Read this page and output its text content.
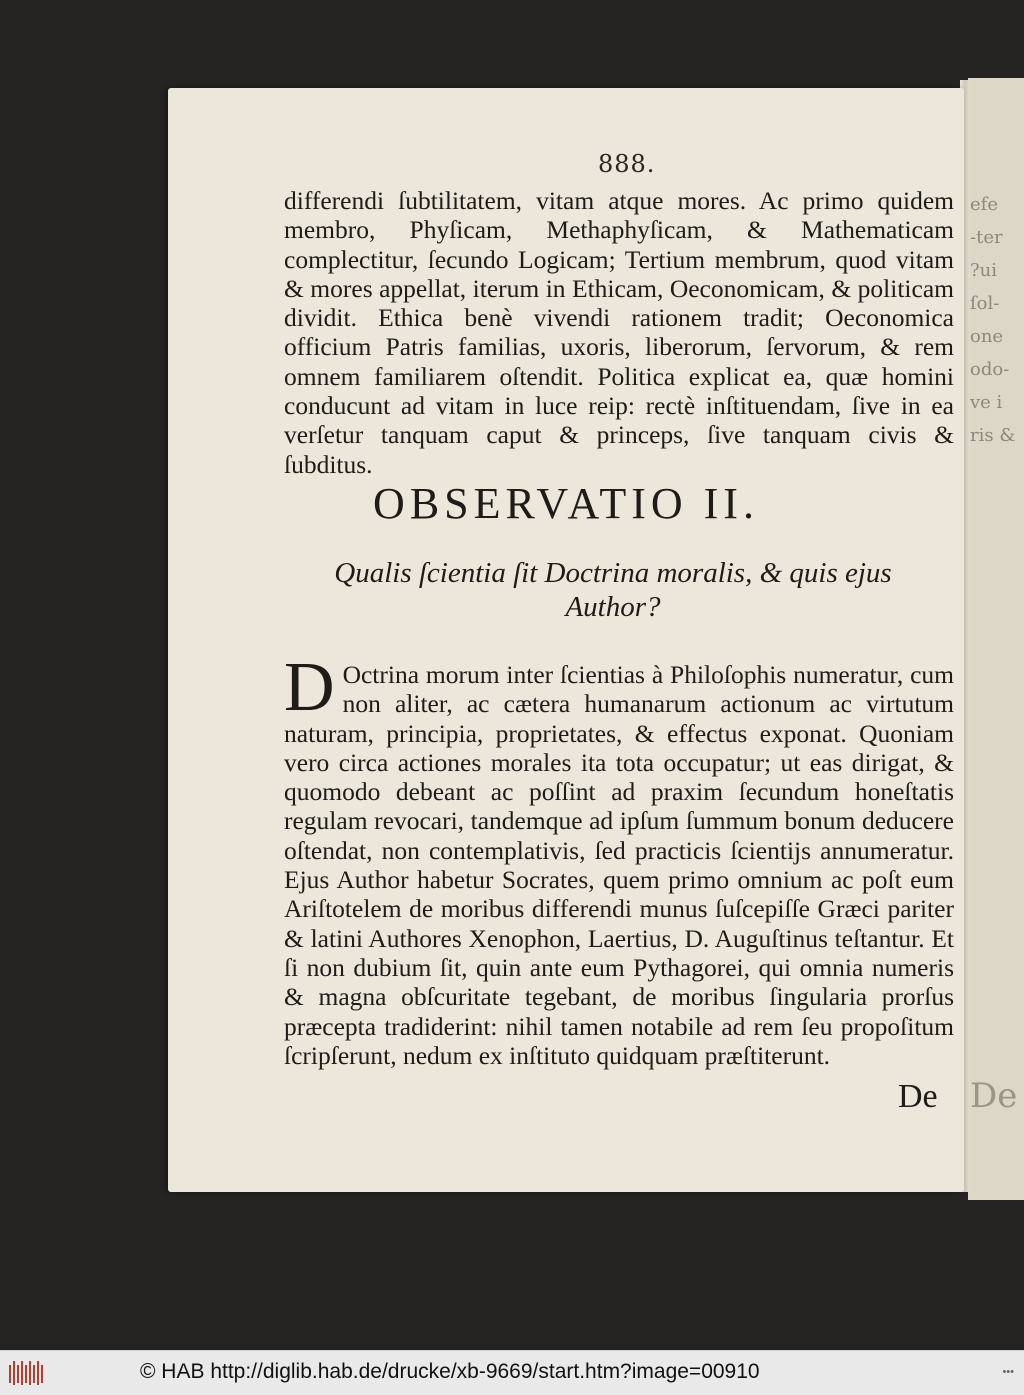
efe
-ter
?ui
ſol-
one
odo-
ve i
ris &
De
888.
differendi ſubtilitatem, vitam atque mores. Ac primo quidem membro, Phyſicam, Methaphyſicam, & Mathematicam complectitur, ſecundo Logicam; Tertium membrum, quod vitam & mores appellat, iterum in Ethicam, Oeconomicam, & politicam dividit. Ethica benè vivendi rationem tradit; Oeconomica officium Patris familias, uxoris, liberorum, ſervorum, & rem omnem familiarem oſtendit. Politica explicat ea, quæ homini conducunt ad vitam in luce reip: rectè inſtituendam, ſive in ea verſetur tanquam caput & princeps, ſive tanquam civis & ſubditus.
OBSERVATIO II.
Qualis ſcientia ſit Doctrina moralis, & quis ejus Author?
D Octrina morum inter ſcientias à Philoſophis numeratur, cum non aliter, ac cætera humanarum actionum ac virtutum naturam, principia, proprietates, & effectus exponat. Quoniam vero circa actiones morales ita tota occupatur; ut eas dirigat, & quomodo debeant ac poſſint ad praxim ſecundum honeſtatis regulam revocari, tandemque ad ipſum ſummum bonum deducere oſtendat, non contemplativis, ſed practicis ſcientijs annumeratur. Ejus Author habetur Socrates, quem primo omnium ac poſt eum Ariſtotelem de moribus differendi munus ſuſcepiſſe Græci pariter & latini Authores Xenophon, Laertius, D. Auguſtinus teſtantur. Et ſi non dubium ſit, quin ante eum Pythagorei, qui omnia numeris & magna obſcuritate tegebant, de moribus ſingularia prorſus præcepta tradiderint: nihil tamen notabile ad rem ſeu propoſitum ſcripſerunt, nedum ex inſtituto quidquam præſtiterunt.
De
© HAB http://diglib.hab.de/drucke/xb-9669/start.htm?image=00910	•••
